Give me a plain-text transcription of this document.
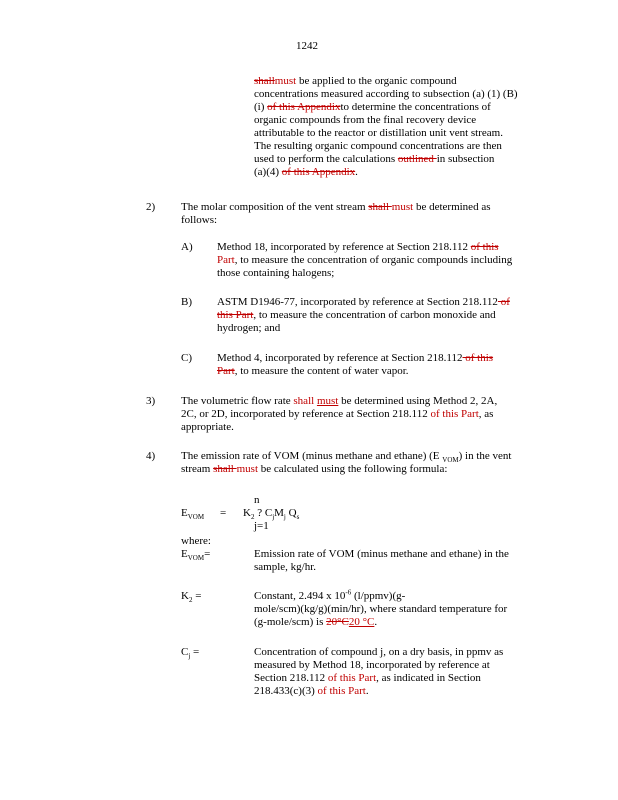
1242
shallmust be applied to the organic compound
concentrations measured according to subsection (a) (1) (B)
(i) of this Appendixto determine the concentrations of
organic compounds from the final recovery device
attributable to the reactor or distillation unit vent stream.
The resulting organic compound concentrations are then
used to perform the calculations outlined in subsection
(a)(4) of this Appendix.
2) The molar composition of the vent stream shall must be determined as
follows:
A) Method 18, incorporated by reference at Section 218.112 of this
Part, to measure the concentration of organic compounds including
those containing halogens;
B) ASTM D1946-77, incorporated by reference at Section 218.112 of
this Part, to measure the concentration of carbon monoxide and
hydrogen; and
C) Method 4, incorporated by reference at Section 218.112 of this
Part, to measure the content of water vapor.
3) The volumetric flow rate shall must be determined using Method 2, 2A,
2C, or 2D, incorporated by reference at Section 218.112 of this Part, as
appropriate.
4) The emission rate of VOM (minus methane and ethane) (E $_{VOM}$) in the vent
stream shall must be calculated using the following formula:
n
$E_{VOM} = K_2$ ? $C_jM_j$ $Q_s$
j=1
where:
$E_{VOM}=$	Emission rate of VOM (minus methane and ethane) in the
sample, kg/hr.
$K_2$ =	Constant, 2.494 x $10^{-6}$ (l/ppmv)(g-
mole/scm)(kg/g)(min/hr), where standard temperature for
(g-mole/scm) is 20°C20 °C.
$C_j$ =	Concentration of compound j, on a dry basis, in ppmv as
measured by Method 18, incorporated by reference at
Section 218.112 of this Part, as indicated in Section
218.433(c)(3) of this Part.
